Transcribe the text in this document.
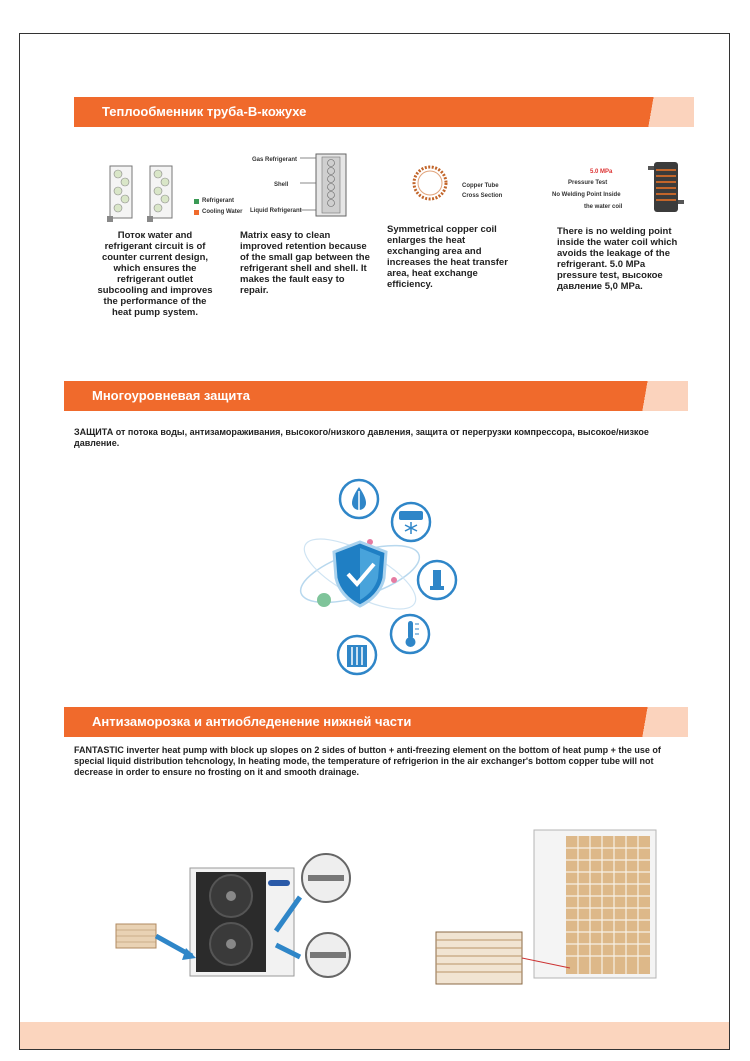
Теплообменник труба-В-кожухе
Refrigerant
Cooling Water
Gas Refrigerant
Shell
Liquid Refrigerant
Copper Tube
Cross Section
5.0 MPa
Pressure Test
No Welding Point Inside
the water coil
Поток water and refrigerant circuit is of counter current design, which ensures the refrigerant outlet subcooling and improves the performance of the heat pump system.
Matrix easy to clean improved retention because of the small gap between the refrigerant shell and shell. It makes the fault easy to repair.
Symmetrical copper coil enlarges the heat exchanging area and increases the heat transfer area, heat exchange efficiency.
There is no welding point inside the water coil which avoids the leakage of the refrigerant. 5.0 MPa pressure test, высокое давление 5,0 MPa.
Многоуровневая защита
ЗАЩИТА от потока воды, антизамораживания, высокого/низкого давления, защита от перегрузки компрессора, высокое/низкое давление.
Антизаморозка и антиобледенение нижней части
FANTASTIC inverter heat pump with block up slopes on 2 sides of button + anti-freezing element on the bottom of heat pump + the use of special liquid distribution tehcnology, In heating mode, the temperature of refrigerion in the air exchanger's bottom copper tube will not decrease in order to ensure no frosting on it and smooth drainage.
